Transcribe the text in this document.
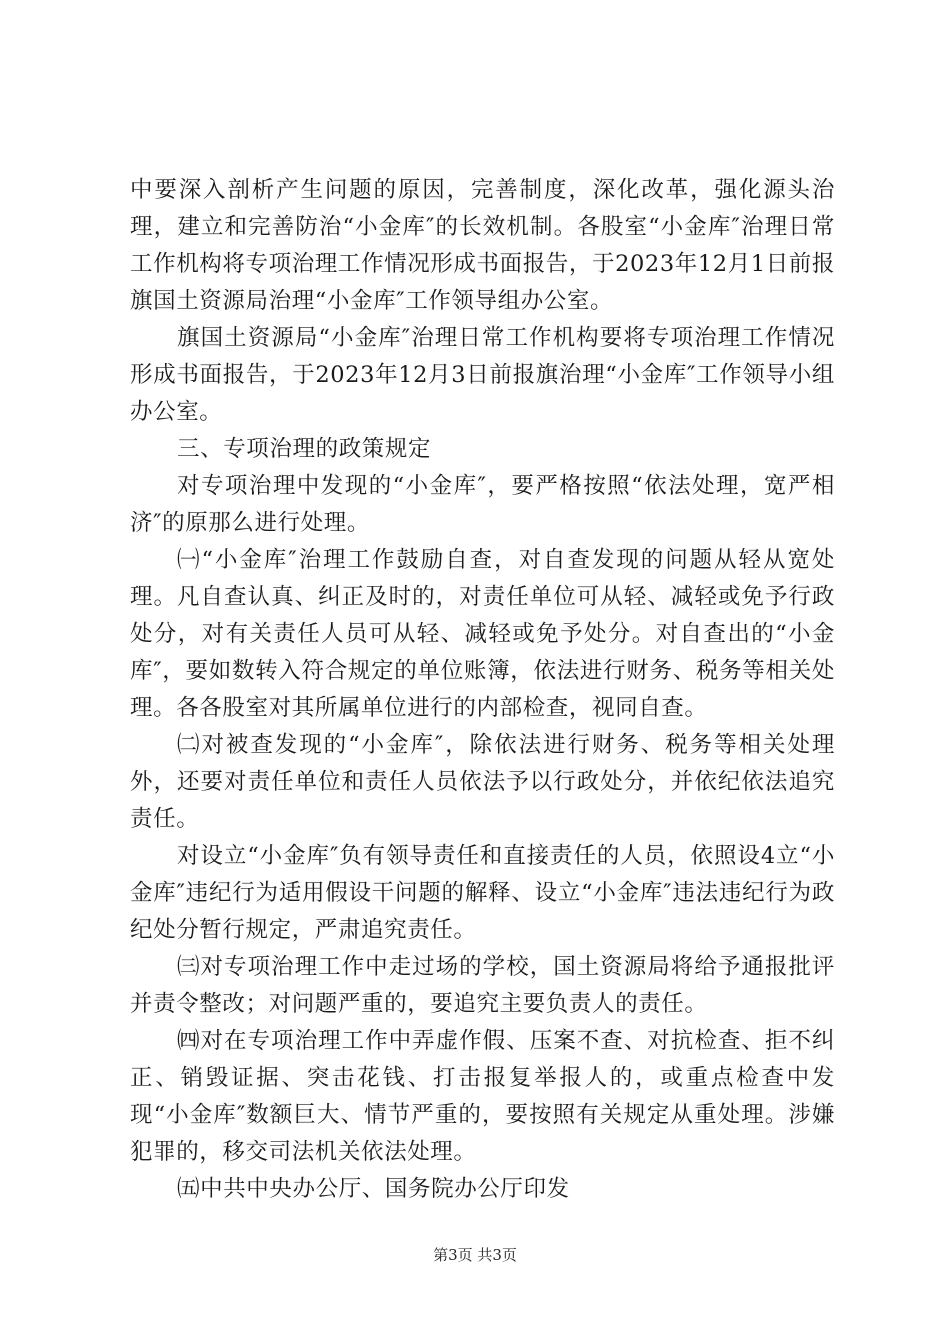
中要深入剖析产生问题的原因，完善制度，深化改革，强化源头治理，建立和完善防治“小金库″的长效机制。各股室“小金库″治理日常工作机构将专项治理工作情况形成书面报告，于2023年12月1日前报旗国土资源局治理“小金库″工作领导组办公室。

旗国土资源局“小金库″治理日常工作机构要将专项治理工作情况形成书面报告，于2023年12月3日前报旗治理“小金库″工作领导小组办公室。

三、专项治理的政策规定

对专项治理中发现的“小金库″，要严格按照“依法处理，宽严相济″的原那么进行处理。

㈠“小金库″治理工作鼓励自查，对自查发现的问题从轻从宽处理。凡自查认真、纠正及时的，对责任单位可从轻、减轻或免予行政处分，对有关责任人员可从轻、减轻或免予处分。对自查出的“小金库″，要如数转入符合规定的单位账簿，依法进行财务、税务等相关处理。各各股室对其所属单位进行的内部检查，视同自查。

㈡对被查发现的“小金库″，除依法进行财务、税务等相关处理外，还要对责任单位和责任人员依法予以行政处分，并依纪依法追究责任。

对设立“小金库″负有领导责任和直接责任的人员，依照设4立“小金库″违纪行为适用假设干问题的解释、设立“小金库″违法违纪行为政纪处分暂行规定，严肃追究责任。

㈢对专项治理工作中走过场的学校，国土资源局将给予通报批评并责令整改；对问题严重的，要追究主要负责人的责任。

㈣对在专项治理工作中弄虚作假、压案不查、对抗检查、拒不纠正、销毁证据、突击花钱、打击报复举报人的，或重点检查中发现“小金库″数额巨大、情节严重的，要按照有关规定从重处理。涉嫌犯罪的，移交司法机关依法处理。

㈤中共中央办公厅、国务院办公厅印发

第3页 共3页
